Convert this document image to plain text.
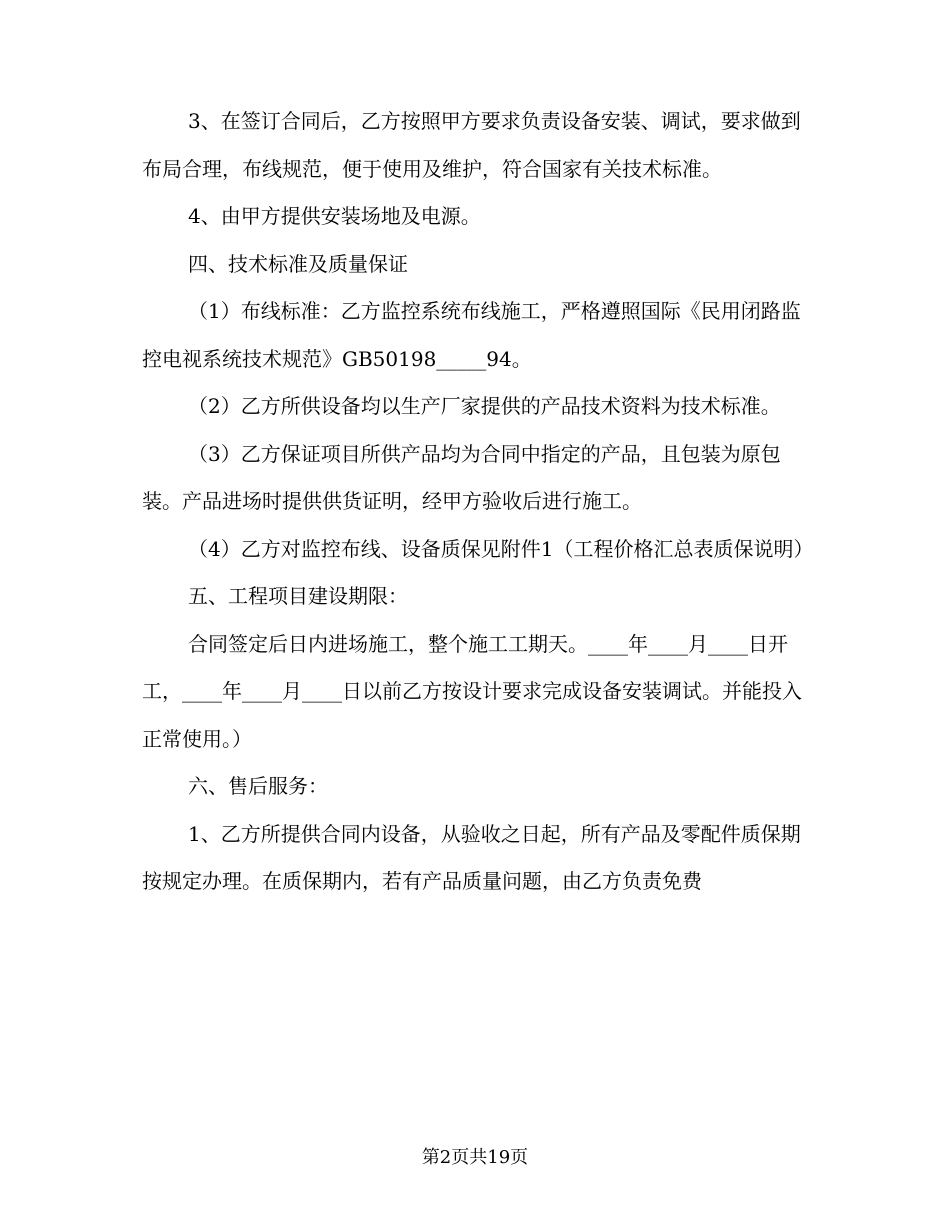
3、在签订合同后，乙方按照甲方要求负责设备安装、调试，要求做到布局合理，布线规范，便于使用及维护，符合国家有关技术标准。

4、由甲方提供安装场地及电源。

四、技术标准及质量保证

（1）布线标准：乙方监控系统布线施工，严格遵照国际《民用闭路监控电视系统技术规范》GB50198_____94。

（2）乙方所供设备均以生产厂家提供的产品技术资料为技术标准。

（3）乙方保证项目所供产品均为合同中指定的产品，且包装为原包装。产品进场时提供供货证明，经甲方验收后进行施工。

（4）乙方对监控布线、设备质保见附件1（工程价格汇总表质保说明）

五、工程项目建设期限：

合同签定后日内进场施工，整个施工工期天。____年____月____日开工，____年____月____日以前乙方按设计要求完成设备安装调试。并能投入正常使用。）

六、售后服务：

1、乙方所提供合同内设备，从验收之日起，所有产品及零配件质保期按规定办理。在质保期内，若有产品质量问题，由乙方负责免费

第2页共19页
